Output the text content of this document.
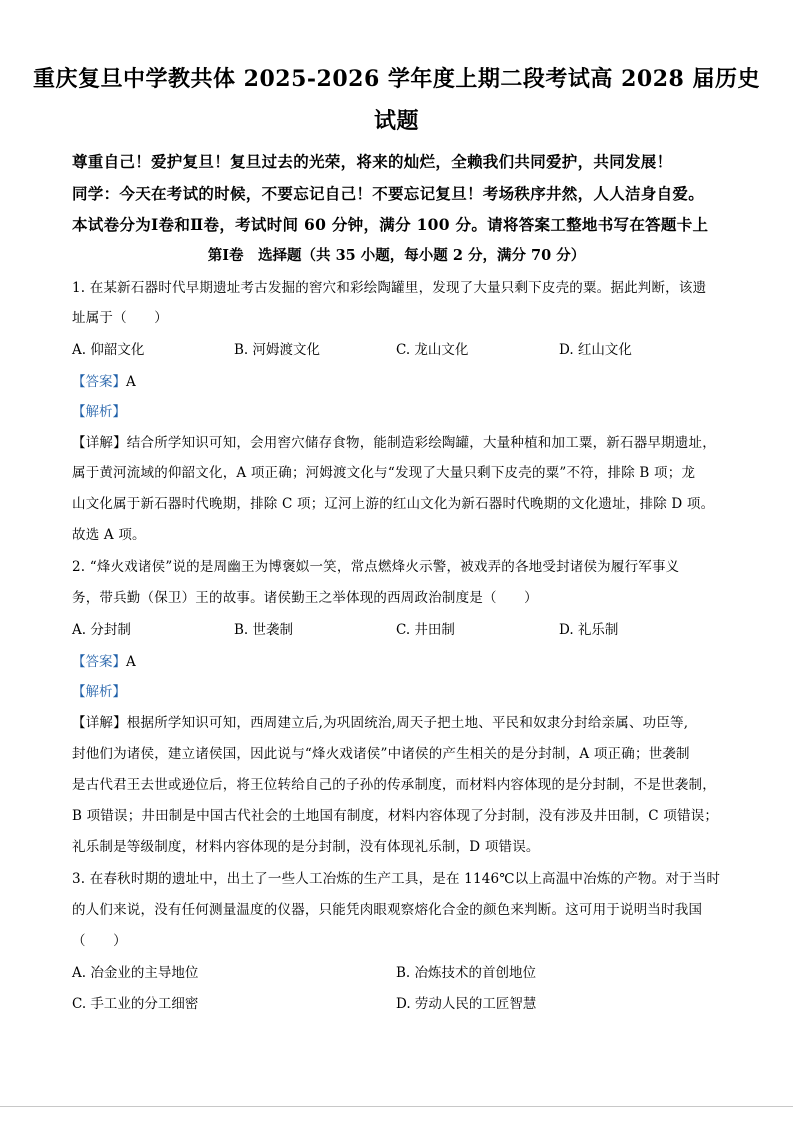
重庆复旦中学教共体 2025-2026 学年度上期二段考试高 2028 届历史
试题
尊重自己！爱护复旦！复旦过去的光荣，将来的灿烂，全赖我们共同爱护，共同发展！
同学：今天在考试的时候，不要忘记自己！不要忘记复旦！考场秩序井然，人人洁身自爱。
本试卷分为Ⅰ卷和Ⅱ卷，考试时间 60 分钟，满分 100 分。请将答案工整地书写在答题卡上
第Ⅰ卷　选择题（共 35 小题，每小题 2 分，满分 70 分）
1. 在某新石器时代早期遗址考古发掘的窖穴和彩绘陶罐里，发现了大量只剩下皮壳的粟。据此判断，该遗
址属于（　　）
A. 仰韶文化	B. 河姆渡文化	C. 龙山文化	D. 红山文化
【答案】A
【解析】
【详解】结合所学知识可知，会用窖穴储存食物，能制造彩绘陶罐，大量种植和加工粟，新石器早期遗址，
属于黄河流域的仰韶文化，A 项正确；河姆渡文化与“发现了大量只剩下皮壳的粟”不符，排除 B 项；龙
山文化属于新石器时代晚期，排除 C 项；辽河上游的红山文化为新石器时代晚期的文化遗址，排除 D 项。
故选 A 项。
2. “烽火戏诸侯”说的是周幽王为博褒姒一笑，常点燃烽火示警，被戏弄的各地受封诸侯为履行军事义
务，带兵勤（保卫）王的故事。诸侯勤王之举体现的西周政治制度是（　　）
A. 分封制	B. 世袭制	C. 井田制	D. 礼乐制
【答案】A
【解析】
【详解】根据所学知识可知，西周建立后,为巩固统治,周天子把土地、平民和奴隶分封给亲属、功臣等,
封他们为诸侯，建立诸侯国，因此说与“烽火戏诸侯”中诸侯的产生相关的是分封制，A 项正确；世袭制
是古代君王去世或逊位后，将王位转给自己的子孙的传承制度，而材料内容体现的是分封制，不是世袭制，
B 项错误；井田制是中国古代社会的土地国有制度，材料内容体现了分封制，没有涉及井田制，C 项错误；
礼乐制是等级制度，材料内容体现的是分封制，没有体现礼乐制，D 项错误。
3. 在春秋时期的遗址中，出土了一些人工冶炼的生产工具，是在 1146℃以上高温中冶炼的产物。对于当时
的人们来说，没有任何测量温度的仪器，只能凭肉眼观察熔化合金的颜色来判断。这可用于说明当时我国
（　　）
A. 冶金业的主导地位	B. 冶炼技术的首创地位
C. 手工业的分工细密	D. 劳动人民的工匠智慧
